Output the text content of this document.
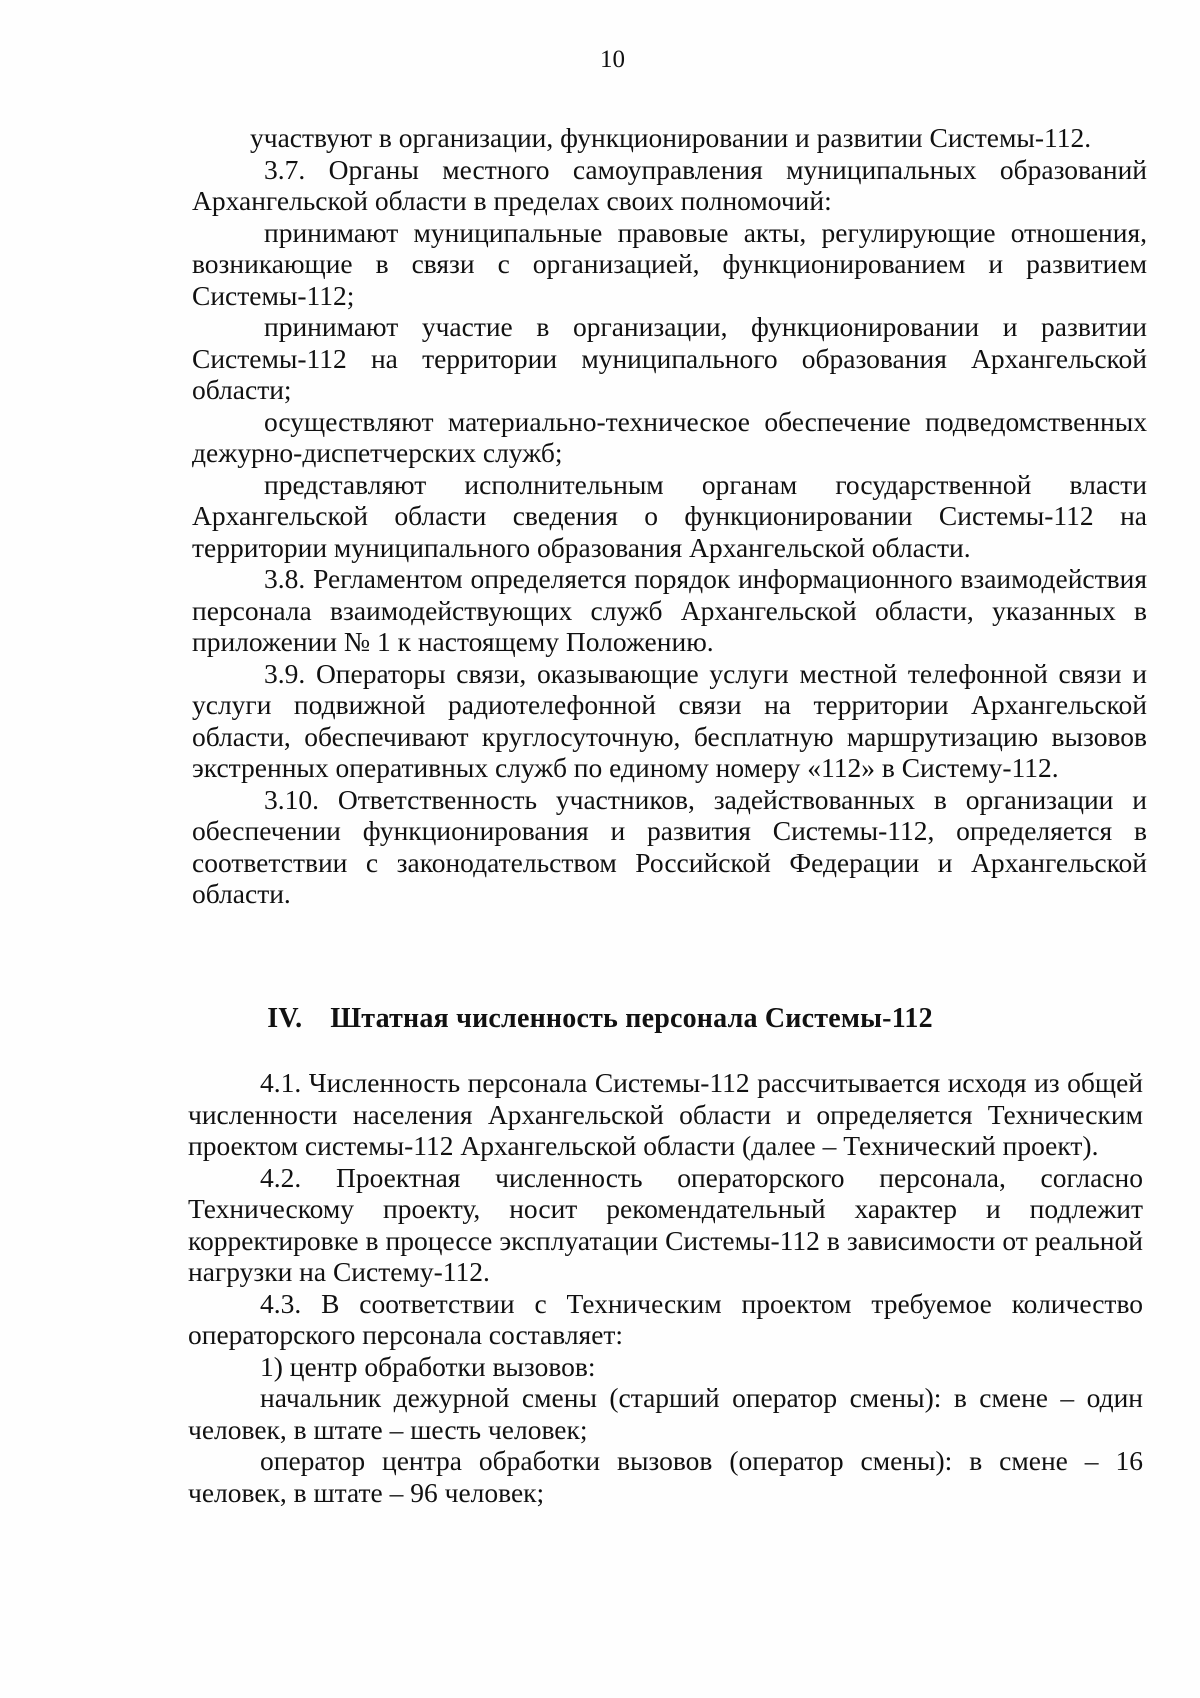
10

участвуют в организации, функционировании и развитии Системы-112.

3.7. Органы местного самоуправления муниципальных образований Архангельской области в пределах своих полномочий:

принимают муниципальные правовые акты, регулирующие отношения, возникающие в связи с организацией, функционированием и развитием Системы-112;

принимают участие в организации, функционировании и развитии Системы-112 на территории муниципального образования Архангельской области;

осуществляют материально-техническое обеспечение подведомственных дежурно-диспетчерских служб;

представляют исполнительным органам государственной власти Архангельской области сведения о функционировании Системы-112 на территории муниципального образования Архангельской области.

3.8. Регламентом определяется порядок информационного взаимодействия персонала взаимодействующих служб Архангельской области, указанных в приложении № 1 к настоящему Положению.

3.9. Операторы связи, оказывающие услуги местной телефонной связи и услуги подвижной радиотелефонной связи на территории Архангельской области, обеспечивают круглосуточную, бесплатную маршрутизацию вызовов экстренных оперативных служб по единому номеру «112» в Систему-112.

3.10. Ответственность участников, задействованных в организации и обеспечении функционирования и развития Системы-112, определяется в соответствии с законодательством Российской Федерации и Архангельской области.

IV. Штатная численность персонала Системы-112

4.1. Численность персонала Системы-112 рассчитывается исходя из общей численности населения Архангельской области и определяется Техническим проектом системы-112 Архангельской области (далее – Технический проект).

4.2. Проектная численность операторского персонала, согласно Техническому проекту, носит рекомендательный характер и подлежит корректировке в процессе эксплуатации Системы-112 в зависимости от реальной нагрузки на Систему-112.

4.3. В соответствии с Техническим проектом требуемое количество операторского персонала составляет:

1) центр обработки вызовов:

начальник дежурной смены (старший оператор смены): в смене – один человек, в штате – шесть человек;

оператор центра обработки вызовов (оператор смены): в смене – 16 человек, в штате – 96 человек;
